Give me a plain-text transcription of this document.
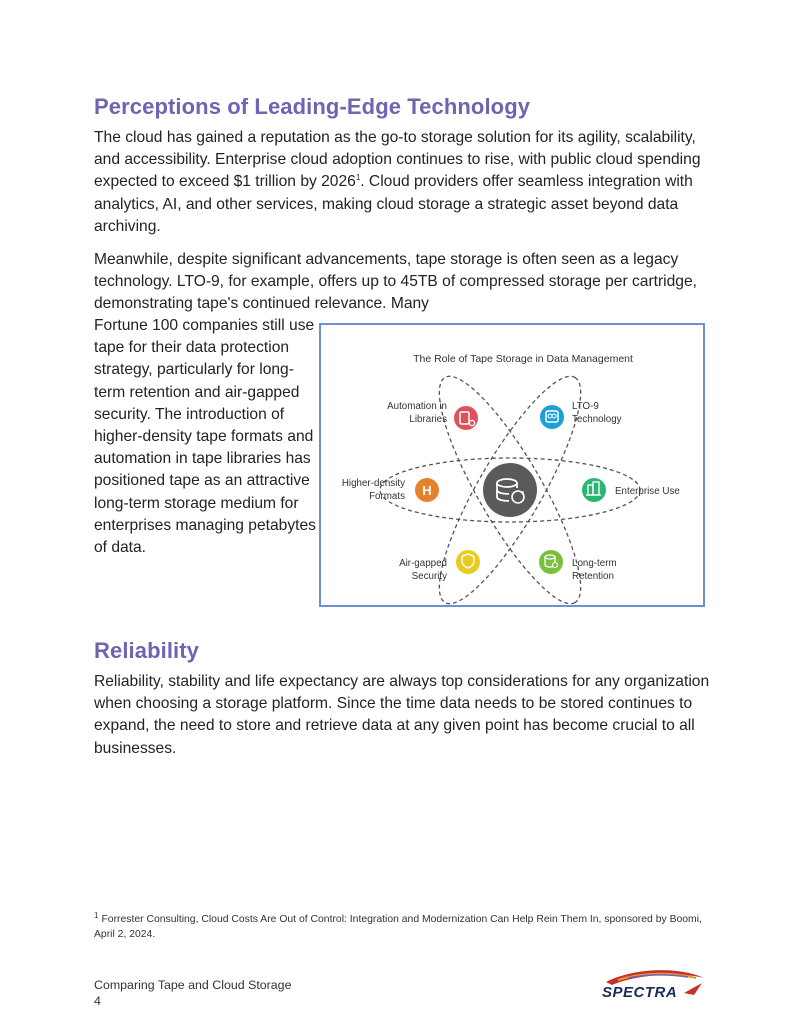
Perceptions of Leading-Edge Technology

The cloud has gained a reputation as the go-to storage solution for its agility, scalability, and accessibility. Enterprise cloud adoption continues to rise, with public cloud spending expected to exceed $1 trillion by 2026$^1$. Cloud providers offer seamless integration with analytics, AI, and other services, making cloud storage a strategic asset beyond data archiving.

Meanwhile, despite significant advancements, tape storage is often seen as a legacy technology. LTO-9, for example, offers up to 45TB of compressed storage per cartridge, demonstrating tape's continued relevance. Many

Fortune 100 companies still use tape for their data protection strategy, particularly for long-term retention and air-gapped security. The introduction of higher-density tape formats and automation in tape libraries has positioned tape as an attractive long-term storage medium for enterprises managing petabytes of data.

The Role of Tape Storage in Data Management
Automation in
Libraries
LTO-9
Technology
H
Higher-density
Formats	Enterprise Use
Air-gapped
Security
Long-term
Retention
Reliability

Reliability, stability and life expectancy are always top considerations for any organization when choosing a storage platform. Since the time data needs to be stored continues to expand, the need to store and retrieve data at any given point has become crucial to all businesses.

$^1$ Forrester Consulting, Cloud Costs Are Out of Control: Integration and Modernization Can Help Rein Them In, sponsored by Boomi, April 2, 2024.

Comparing Tape and Cloud Storage

4	SPECTRA
